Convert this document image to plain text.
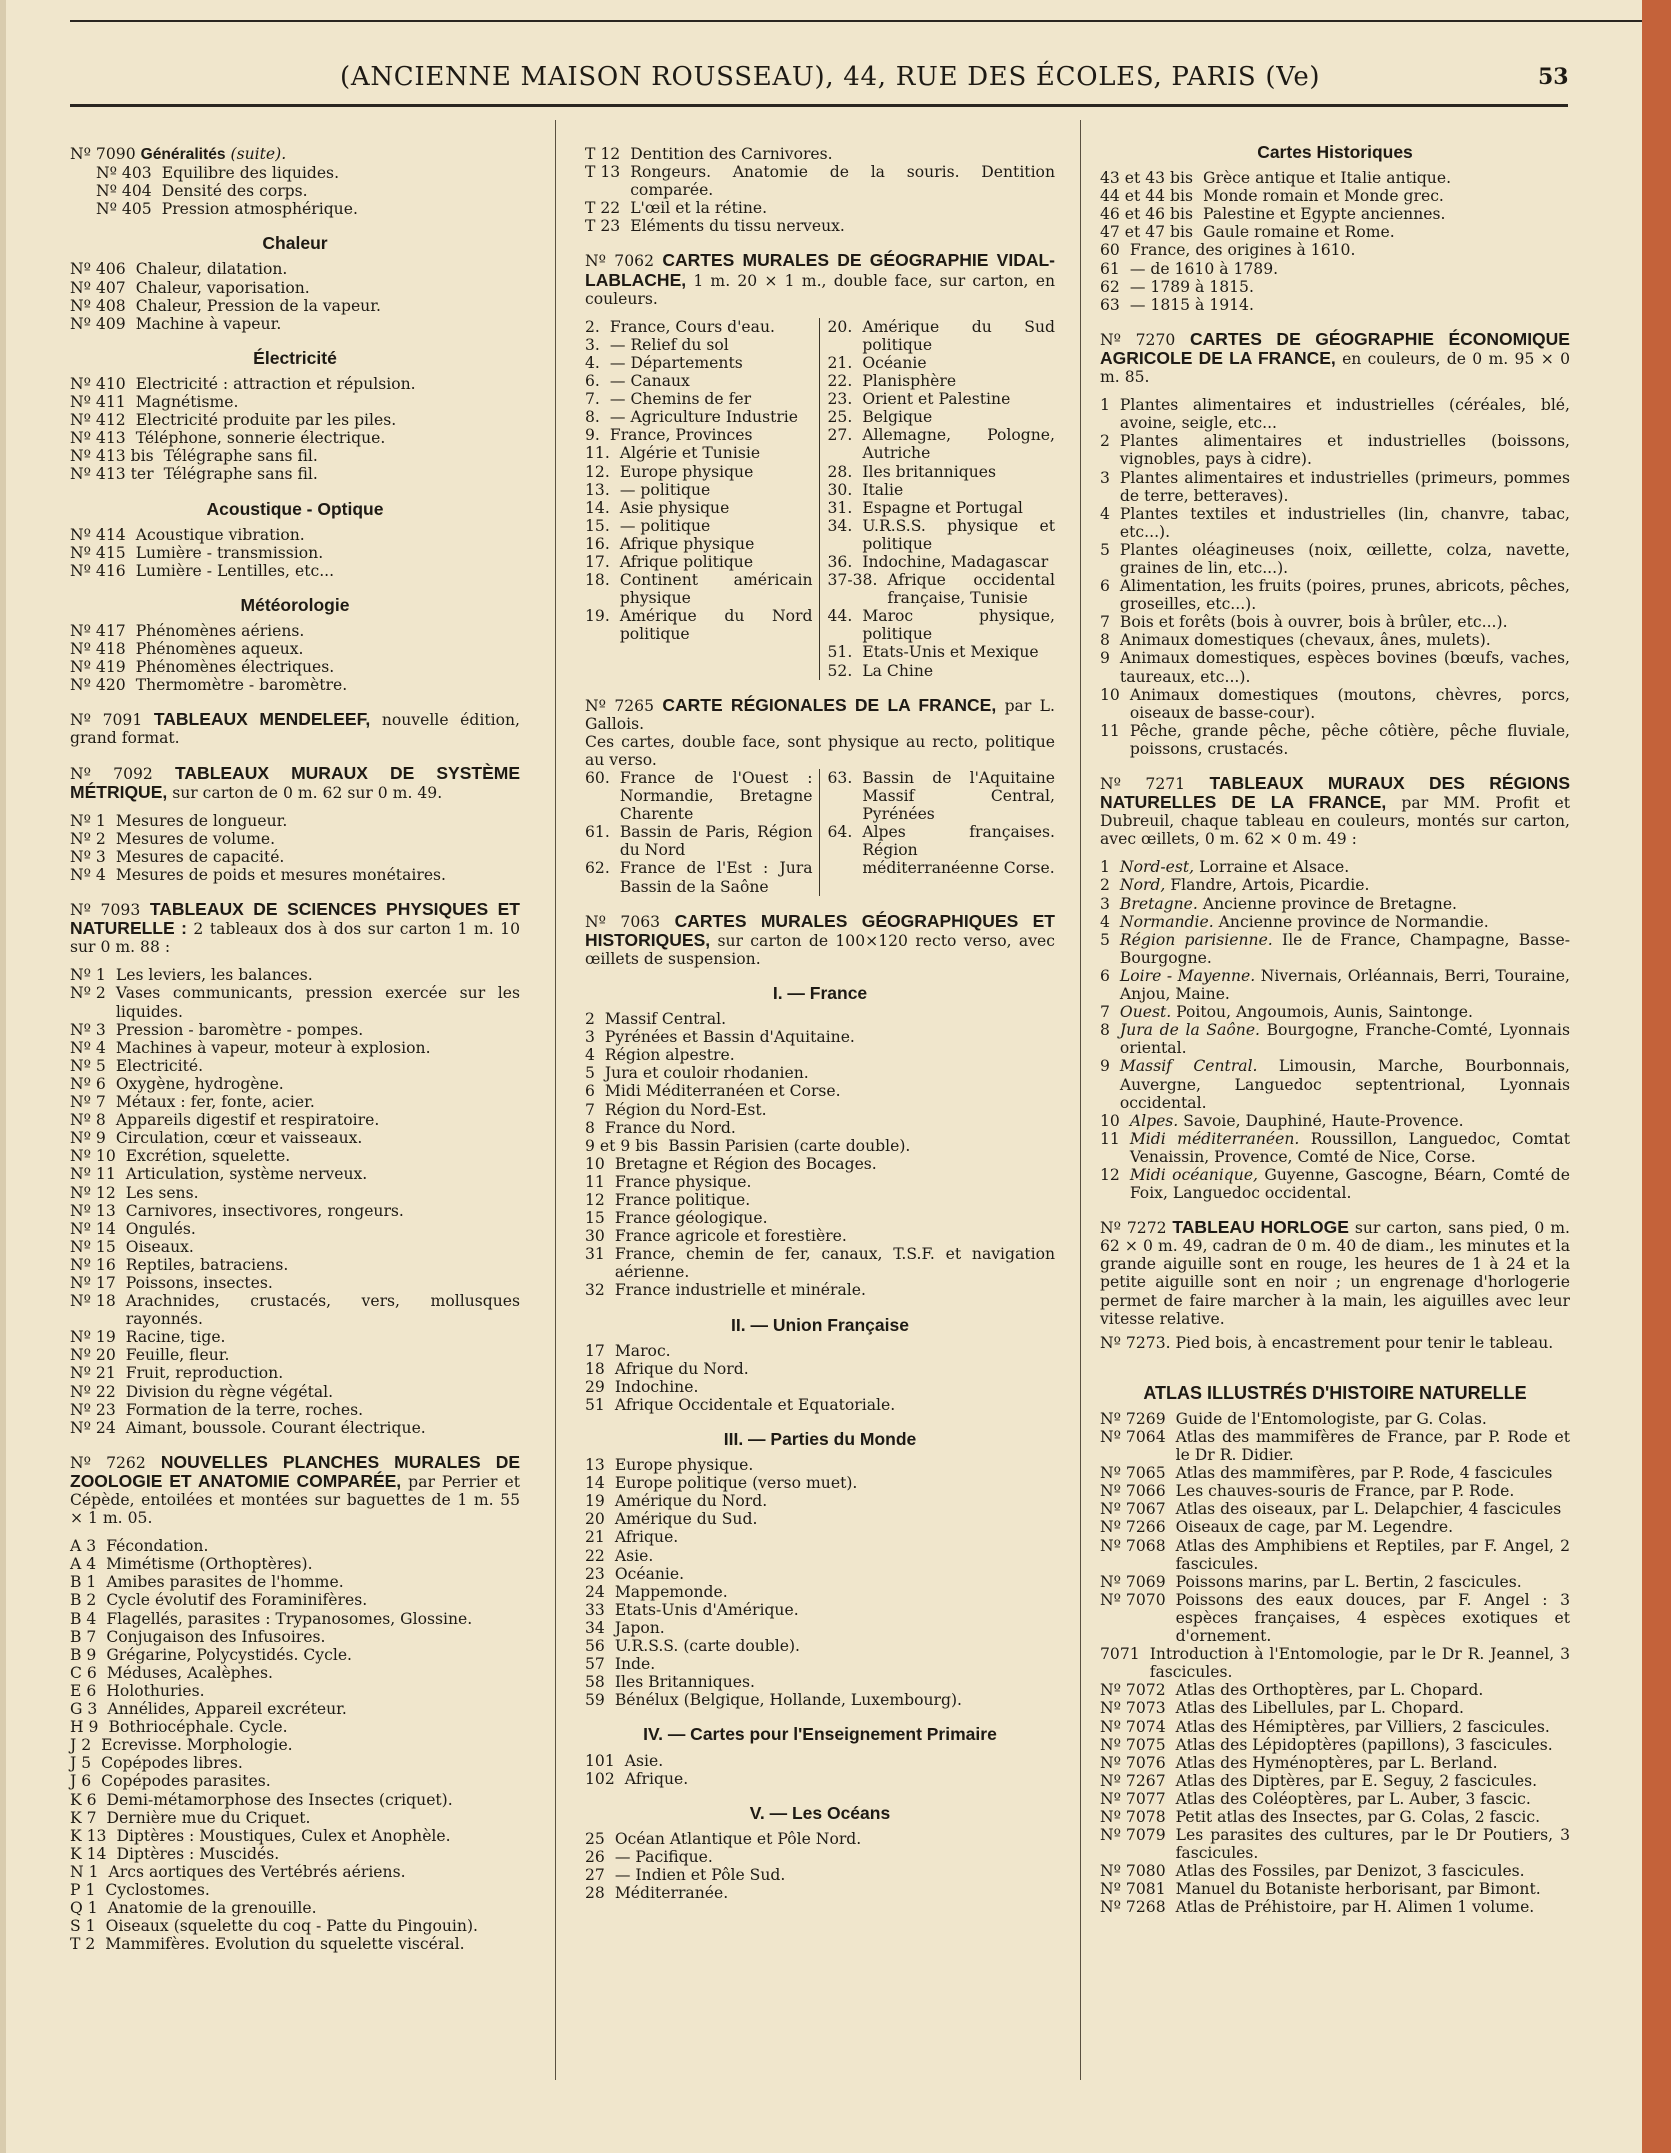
(ANCIENNE MAISON ROUSSEAU), 44, RUE DES ÉCOLES, PARIS (Ve)	53

Nº 7090 Généralités (suite).

Nº 403 Equilibre des liquides.
Nº 404 Densité des corps.
Nº 405 Pression atmosphérique.
Chaleur
Nº 406 Chaleur, dilatation.
Nº 407 Chaleur, vaporisation.
Nº 408 Chaleur, Pression de la vapeur.
Nº 409 Machine à vapeur.
Électricité
Nº 410 Electricité : attraction et répulsion.
Nº 411 Magnétisme.
Nº 412 Electricité produite par les piles.
Nº 413 Téléphone, sonnerie électrique.
Nº 413 bis Télégraphe sans fil.
Nº 413 ter Télégraphe sans fil.
Acoustique - Optique
Nº 414 Acoustique vibration.
Nº 415 Lumière - transmission.
Nº 416 Lumière - Lentilles, etc...
Météorologie
Nº 417 Phénomènes aériens.
Nº 418 Phénomènes aqueux.
Nº 419 Phénomènes électriques.
Nº 420 Thermomètre - baromètre.

Nº 7091 TABLEAUX MENDELEEF, nouvelle édition, grand format.

Nº 7092 TABLEAUX MURAUX DE SYSTÈME MÉTRIQUE, sur carton de 0 m. 62 sur 0 m. 49.

Nº 1 Mesures de longueur.
Nº 2 Mesures de volume.
Nº 3 Mesures de capacité.
Nº 4 Mesures de poids et mesures monétaires.

Nº 7093 TABLEAUX DE SCIENCES PHYSIQUES ET NATURELLE : 2 tableaux dos à dos sur carton 1 m. 10 sur 0 m. 88 :

Nº 1 Les leviers, les balances.
Nº 2 Vases communicants, pression exercée sur les liquides.
Nº 3 Pression - baromètre - pompes.
Nº 4 Machines à vapeur, moteur à explosion.
Nº 5 Electricité.
Nº 6 Oxygène, hydrogène.
Nº 7 Métaux : fer, fonte, acier.
Nº 8 Appareils digestif et respiratoire.
Nº 9 Circulation, cœur et vaisseaux.
Nº 10 Excrétion, squelette.
Nº 11 Articulation, système nerveux.
Nº 12 Les sens.
Nº 13 Carnivores, insectivores, rongeurs.
Nº 14 Ongulés.
Nº 15 Oiseaux.
Nº 16 Reptiles, batraciens.
Nº 17 Poissons, insectes.
Nº 18 Arachnides, crustacés, vers, mollusques rayonnés.
Nº 19 Racine, tige.
Nº 20 Feuille, fleur.
Nº 21 Fruit, reproduction.
Nº 22 Division du règne végétal.
Nº 23 Formation de la terre, roches.
Nº 24 Aimant, boussole. Courant électrique.

Nº 7262 NOUVELLES PLANCHES MURALES DE ZOOLOGIE ET ANATOMIE COMPARÉE, par Perrier et Cépède, entoilées et montées sur baguettes de 1 m. 55 × 1 m. 05.

A 3 Fécondation.
A 4 Mimétisme (Orthoptères).
B 1 Amibes parasites de l'homme.
B 2 Cycle évolutif des Foraminifères.
B 4 Flagellés, parasites : Trypanosomes, Glossine.
B 7 Conjugaison des Infusoires.
B 9 Grégarine, Polycystidés. Cycle.
C 6 Méduses, Acalèphes.
E 6 Holothuries.
G 3 Annélides, Appareil excréteur.
H 9 Bothriocéphale. Cycle.
J 2 Ecrevisse. Morphologie.
J 5 Copépodes libres.
J 6 Copépodes parasites.
K 6 Demi-métamorphose des Insectes (criquet).
K 7 Dernière mue du Criquet.
K 13 Diptères : Moustiques, Culex et Anophèle.
K 14 Diptères : Muscidés.
N 1 Arcs aortiques des Vertébrés aériens.
P 1 Cyclostomes.
Q 1 Anatomie de la grenouille.
S 1 Oiseaux (squelette du coq - Patte du Pingouin).
T 2 Mammifères. Evolution du squelette viscéral.
T 12 Dentition des Carnivores.
T 13 Rongeurs. Anatomie de la souris. Dentition comparée.
T 22 L'œil et la rétine.
T 23 Eléments du tissu nerveux.

Nº 7062 CARTES MURALES DE GÉOGRAPHIE VIDAL-LABLACHE, 1 m. 20 × 1 m., double face, sur carton, en couleurs.

2. France, Cours d'eau.
3. — Relief du sol
4. — Départements
6. — Canaux
7. — Chemins de fer
8. — Agriculture Industrie
9. France, Provinces
11. Algérie et Tunisie
12. Europe physique
13. — politique
14. Asie physique
15. — politique
16. Afrique physique
17. Afrique politique
18. Continent américain physique
19. Amérique du Nord politique
20. Amérique du Sud politique
21. Océanie
22. Planisphère
23. Orient et Palestine
25. Belgique
27. Allemagne, Pologne, Autriche
28. Iles britanniques
30. Italie
31. Espagne et Portugal
34. U.R.S.S. physique et politique
36. Indochine, Madagascar
37-38. Afrique occidental française, Tunisie
44. Maroc physique, politique
51. Etats-Unis et Mexique
52. La Chine

Nº 7265 CARTE RÉGIONALES DE LA FRANCE, par L. Gallois.

Ces cartes, double face, sont physique au recto, politique au verso.

60. France de l'Ouest : Normandie, Bretagne Charente
61. Bassin de Paris, Région du Nord
62. France de l'Est : Jura Bassin de la Saône
63. Bassin de l'Aquitaine Massif Central, Pyrénées
64. Alpes françaises. Région méditerranéenne Corse.

Nº 7063 CARTES MURALES GÉOGRAPHIQUES ET HISTORIQUES, sur carton de 100×120 recto verso, avec œillets de suspension.

I. — France
2 Massif Central.
3 Pyrénées et Bassin d'Aquitaine.
4 Région alpestre.
5 Jura et couloir rhodanien.
6 Midi Méditerranéen et Corse.
7 Région du Nord-Est.
8 France du Nord.
9 et 9 bis Bassin Parisien (carte double).
10 Bretagne et Région des Bocages.
11 France physique.
12 France politique.
15 France géologique.
30 France agricole et forestière.
31 France, chemin de fer, canaux, T.S.F. et navigation aérienne.
32 France industrielle et minérale.
II. — Union Française
17 Maroc.
18 Afrique du Nord.
29 Indochine.
51 Afrique Occidentale et Equatoriale.
III. — Parties du Monde
13 Europe physique.
14 Europe politique (verso muet).
19 Amérique du Nord.
20 Amérique du Sud.
21 Afrique.
22 Asie.
23 Océanie.
24 Mappemonde.
33 Etats-Unis d'Amérique.
34 Japon.
56 U.R.S.S. (carte double).
57 Inde.
58 Iles Britanniques.
59 Bénélux (Belgique, Hollande, Luxembourg).
IV. — Cartes pour l'Enseignement Primaire
101 Asie.
102 Afrique.
V. — Les Océans
25 Océan Atlantique et Pôle Nord.
26 — Pacifique.
27 — Indien et Pôle Sud.
28 Méditerranée.
Cartes Historiques
43 et 43 bis Grèce antique et Italie antique.
44 et 44 bis Monde romain et Monde grec.
46 et 46 bis Palestine et Egypte anciennes.
47 et 47 bis Gaule romaine et Rome.
60 France, des origines à 1610.
61 — de 1610 à 1789.
62 — 1789 à 1815.
63 — 1815 à 1914.

Nº 7270 CARTES DE GÉOGRAPHIE ÉCONOMIQUE AGRICOLE DE LA FRANCE, en couleurs, de 0 m. 95 × 0 m. 85.

1 Plantes alimentaires et industrielles (céréales, blé, avoine, seigle, etc...
2 Plantes alimentaires et industrielles (boissons, vignobles, pays à cidre).
3 Plantes alimentaires et industrielles (primeurs, pommes de terre, betteraves).
4 Plantes textiles et industrielles (lin, chanvre, tabac, etc...).
5 Plantes oléagineuses (noix, œillette, colza, navette, graines de lin, etc...).
6 Alimentation, les fruits (poires, prunes, abricots, pêches, groseilles, etc...).
7 Bois et forêts (bois à ouvrer, bois à brûler, etc...).
8 Animaux domestiques (chevaux, ânes, mulets).
9 Animaux domestiques, espèces bovines (bœufs, vaches, taureaux, etc...).
10 Animaux domestiques (moutons, chèvres, porcs, oiseaux de basse-cour).
11 Pêche, grande pêche, pêche côtière, pêche fluviale, poissons, crustacés.

Nº 7271 TABLEAUX MURAUX DES RÉGIONS NATURELLES DE LA FRANCE, par MM. Profit et Dubreuil, chaque tableau en couleurs, montés sur carton, avec œillets, 0 m. 62 × 0 m. 49 :

1 Nord-est, Lorraine et Alsace.
2 Nord, Flandre, Artois, Picardie.
3 Bretagne. Ancienne province de Bretagne.
4 Normandie. Ancienne province de Normandie.
5 Région parisienne. Ile de France, Champagne, Basse-Bourgogne.
6 Loire - Mayenne. Nivernais, Orléannais, Berri, Touraine, Anjou, Maine.
7 Ouest. Poitou, Angoumois, Aunis, Saintonge.
8 Jura de la Saône. Bourgogne, Franche-Comté, Lyonnais oriental.
9 Massif Central. Limousin, Marche, Bourbonnais, Auvergne, Languedoc septentrional, Lyonnais occidental.
10 Alpes. Savoie, Dauphiné, Haute-Provence.
11 Midi méditerranéen. Roussillon, Languedoc, Comtat Venaissin, Provence, Comté de Nice, Corse.
12 Midi océanique, Guyenne, Gascogne, Béarn, Comté de Foix, Languedoc occidental.

Nº 7272 TABLEAU HORLOGE sur carton, sans pied, 0 m. 62 × 0 m. 49, cadran de 0 m. 40 de diam., les minutes et la grande aiguille sont en rouge, les heures de 1 à 24 et la petite aiguille sont en noir ; un engrenage d'horlogerie permet de faire marcher à la main, les aiguilles avec leur vitesse relative.

Nº 7273. Pied bois, à encastrement pour tenir le tableau.

ATLAS ILLUSTRÉS D'HISTOIRE NATURELLE
Nº 7269 Guide de l'Entomologiste, par G. Colas.
Nº 7064 Atlas des mammifères de France, par P. Rode et le Dr R. Didier.
Nº 7065 Atlas des mammifères, par P. Rode, 4 fascicules
Nº 7066 Les chauves-souris de France, par P. Rode.
Nº 7067 Atlas des oiseaux, par L. Delapchier, 4 fascicules
Nº 7266 Oiseaux de cage, par M. Legendre.
Nº 7068 Atlas des Amphibiens et Reptiles, par F. Angel, 2 fascicules.
Nº 7069 Poissons marins, par L. Bertin, 2 fascicules.
Nº 7070 Poissons des eaux douces, par F. Angel : 3 espèces françaises, 4 espèces exotiques et d'ornement.
7071 Introduction à l'Entomologie, par le Dr R. Jeannel, 3 fascicules.
Nº 7072 Atlas des Orthoptères, par L. Chopard.
Nº 7073 Atlas des Libellules, par L. Chopard.
Nº 7074 Atlas des Hémiptères, par Villiers, 2 fascicules.
Nº 7075 Atlas des Lépidoptères (papillons), 3 fascicules.
Nº 7076 Atlas des Hyménoptères, par L. Berland.
Nº 7267 Atlas des Diptères, par E. Seguy, 2 fascicules.
Nº 7077 Atlas des Coléoptères, par L. Auber, 3 fascic.
Nº 7078 Petit atlas des Insectes, par G. Colas, 2 fascic.
Nº 7079 Les parasites des cultures, par le Dr Poutiers, 3 fascicules.
Nº 7080 Atlas des Fossiles, par Denizot, 3 fascicules.
Nº 7081 Manuel du Botaniste herborisant, par Bimont.
Nº 7268 Atlas de Préhistoire, par H. Alimen 1 volume.
